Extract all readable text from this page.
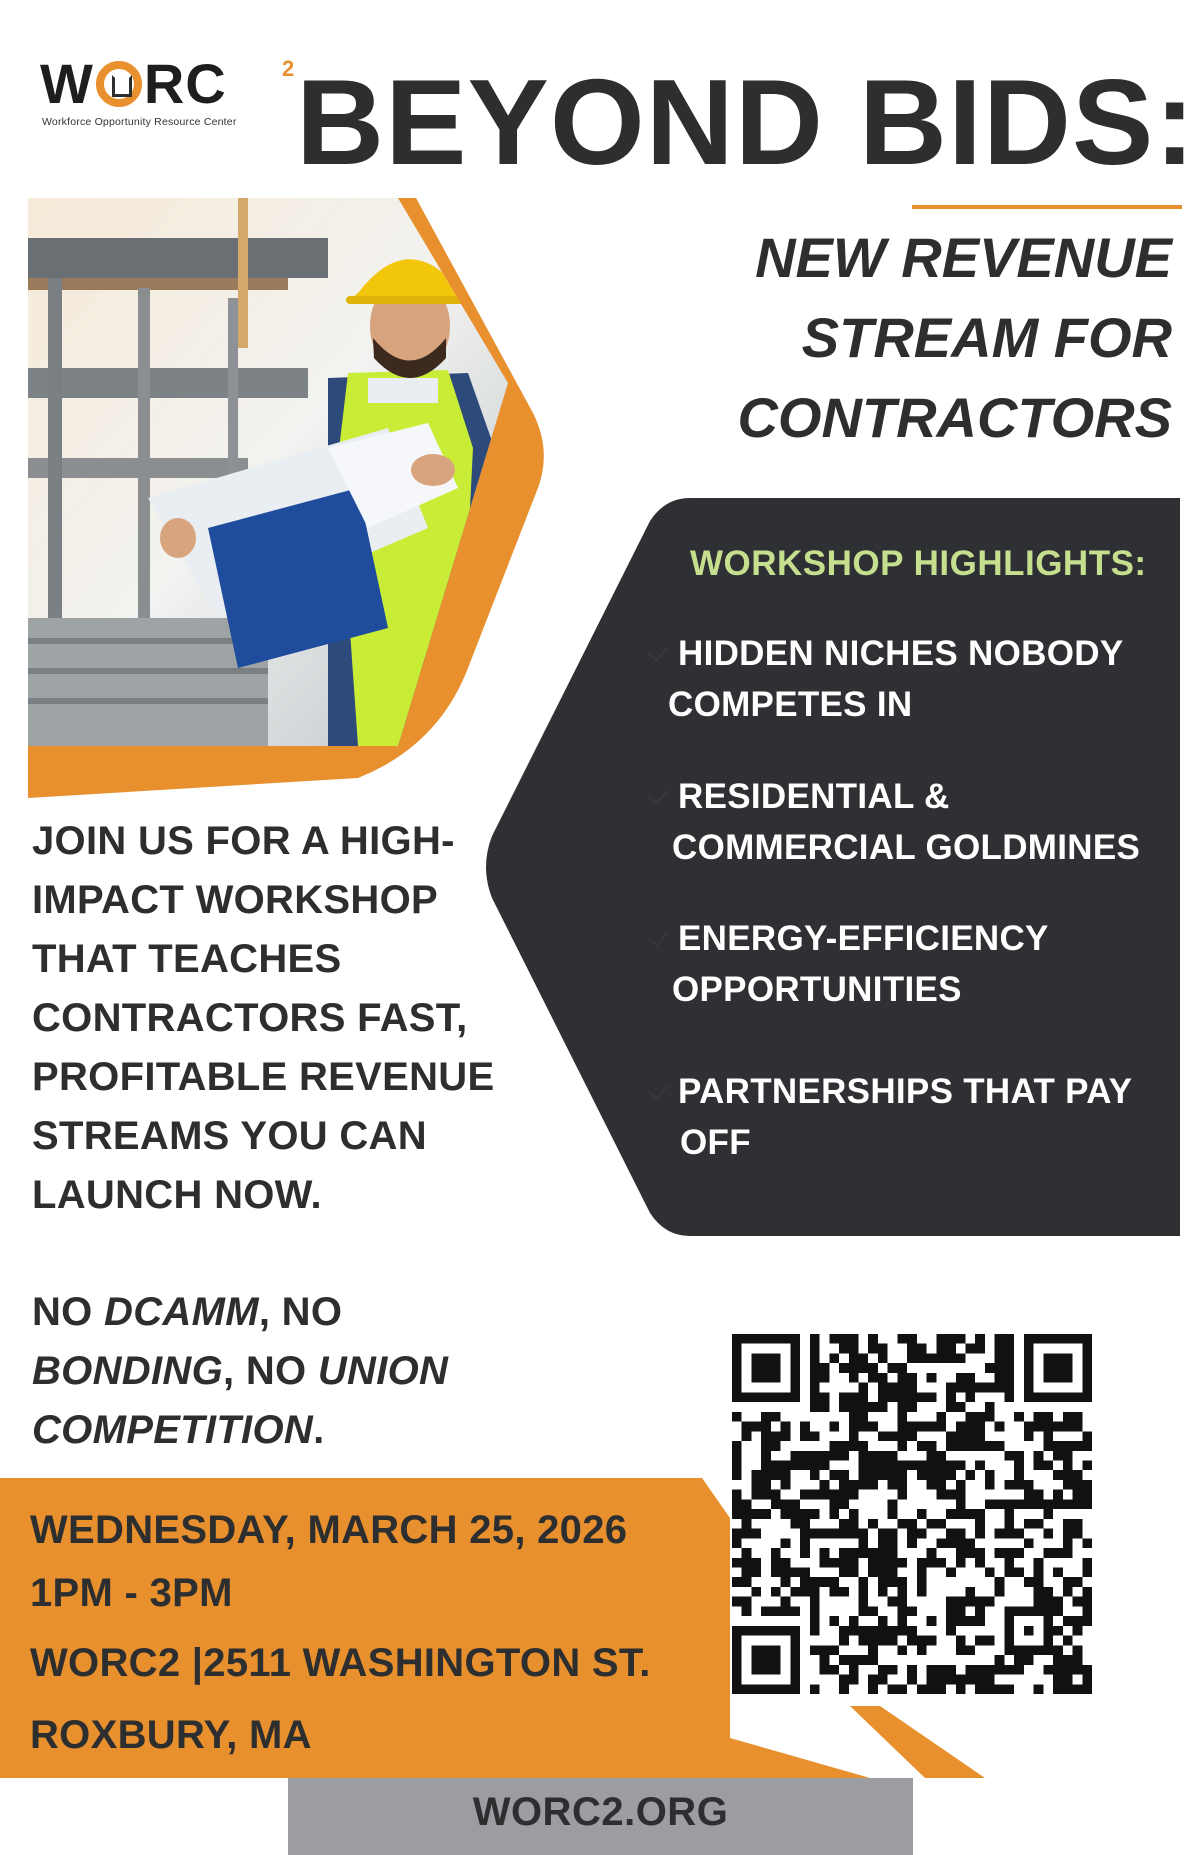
W RC	2
Workforce Opportunity Resource Center BEYOND BIDS:
NEW REVENUE
STREAM FOR
CONTRACTORS
WORKSHOP HIGHLIGHTS:
HIDDEN NICHES NOBODY
COMPETES IN
RESIDENTIAL &
COMMERCIAL GOLDMINES
ENERGY-EFFICIENCY
OPPORTUNITIES
PARTNERSHIPS THAT PAY
OFF
JOIN US FOR A HIGH-
IMPACT WORKSHOP
THAT TEACHES
CONTRACTORS FAST,
PROFITABLE REVENUE
STREAMS YOU CAN
LAUNCH NOW.
NO DCAMM, NO
BONDING, NO UNION
COMPETITION.
WEDNESDAY, MARCH 25, 2026
1PM - 3PM
WORC2 |2511 WASHINGTON ST.
ROXBURY, MA
WORC2.ORG
